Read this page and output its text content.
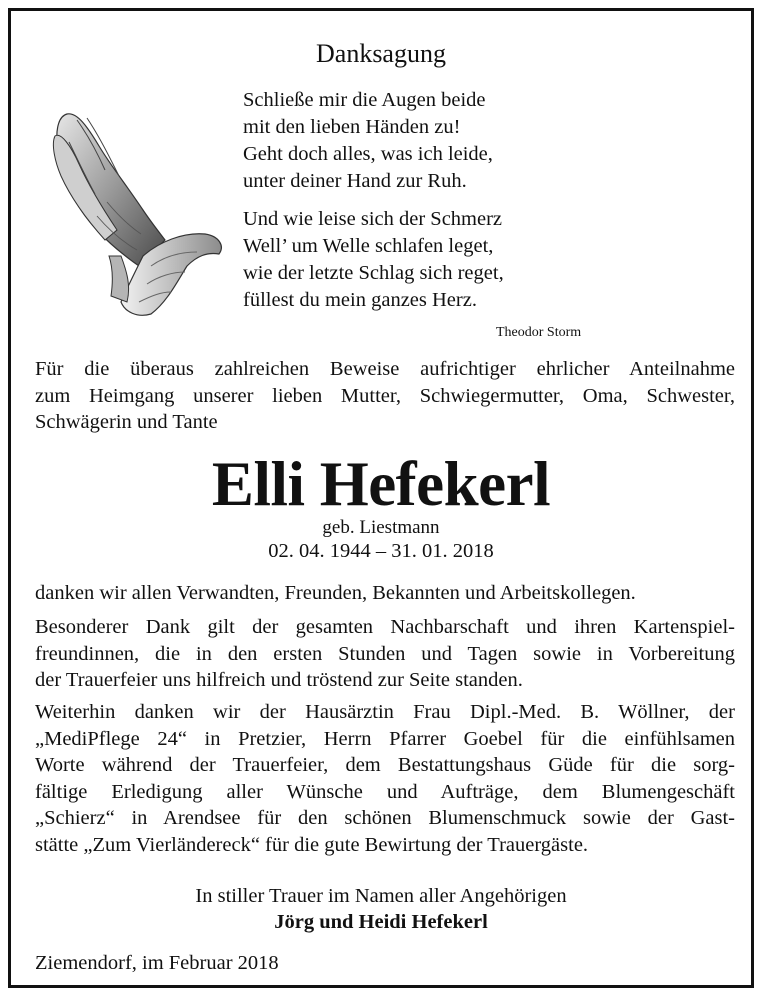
Danksagung
Schließe mir die Augen beide
mit den lieben Händen zu!
Geht doch alles, was ich leide,
unter deiner Hand zur Ruh.
Und wie leise sich der Schmerz
Well’ um Welle schlafen leget,
wie der letzte Schlag sich reget,
füllest du mein ganzes Herz.
Theodor Storm
Für die überaus zahlreichen Beweise aufrichtiger ehrlicher Anteilnahme
zum Heimgang unserer lieben Mutter, Schwiegermutter, Oma, Schwester,
Schwägerin und Tante
Elli Hefekerl
geb. Liestmann
02. 04. 1944 – 31. 01. 2018
danken wir allen Verwandten, Freunden, Bekannten und Arbeitskollegen.
Besonderer Dank gilt der gesamten Nachbarschaft und ihren Kartenspiel-
freundinnen, die in den ersten Stunden und Tagen sowie in Vorbereitung
der Trauerfeier uns hilfreich und tröstend zur Seite standen.
Weiterhin danken wir der Hausärztin Frau Dipl.-Med. B. Wöllner, der
„MediPflege 24“ in Pretzier, Herrn Pfarrer Goebel für die einfühlsamen
Worte während der Trauerfeier, dem Bestattungshaus Güde für die sorg-
fältige Erledigung aller Wünsche und Aufträge, dem Blumengeschäft
„Schierz“ in Arendsee für den schönen Blumenschmuck sowie der Gast-
stätte „Zum Vierländereck“ für die gute Bewirtung der Trauergäste.
In stiller Trauer im Namen aller Angehörigen
Jörg und Heidi Hefekerl
Ziemendorf, im Februar 2018
